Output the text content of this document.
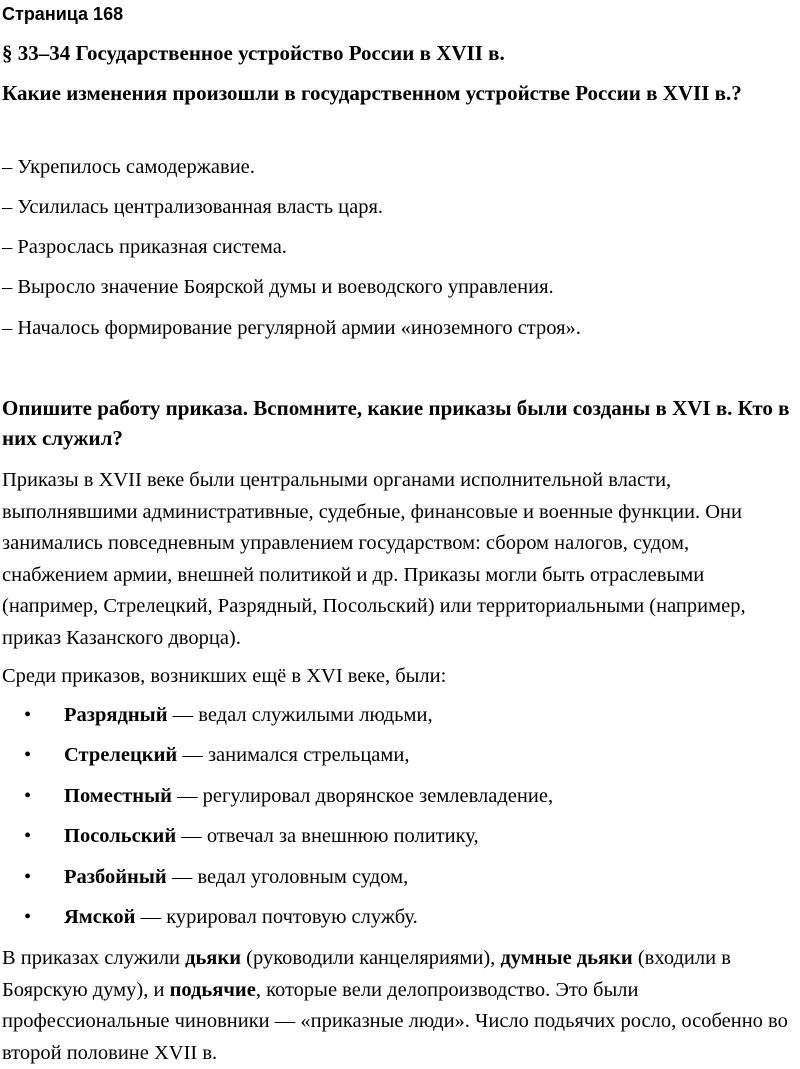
Страница 168
§ 33–34 Государственное устройство России в XVII в.
Какие изменения произошли в государственном устройстве России в XVII в.?
– Укрепилось самодержавие.
– Усилилась централизованная власть царя.
– Разрослась приказная система.
– Выросло значение Боярской думы и воеводского управления.
– Началось формирование регулярной армии «иноземного строя».
Опишите работу приказа. Вспомните, какие приказы были созданы в XVI в. Кто в них служил?
Приказы в XVII веке были центральными органами исполнительной власти, выполнявшими административные, судебные, финансовые и военные функции. Они занимались повседневным управлением государством: сбором налогов, судом, снабжением армии, внешней политикой и др. Приказы могли быть отраслевыми (например, Стрелецкий, Разрядный, Посольский) или территориальными (например, приказ Казанского дворца).
Среди приказов, возникших ещё в XVI веке, были:
• Разрядный — ведал служилыми людьми,
• Стрелецкий — занимался стрельцами,
• Поместный — регулировал дворянское землевладение,
• Посольский — отвечал за внешнюю политику,
• Разбойный — ведал уголовным судом,
• Ямской — курировал почтовую службу.
В приказах служили дьяки (руководили канцеляриями), думные дьяки (входили в Боярскую думу), и подьячие, которые вели делопроизводство. Это были профессиональные чиновники — «приказные люди». Число подьячих росло, особенно во второй половине XVII в.
